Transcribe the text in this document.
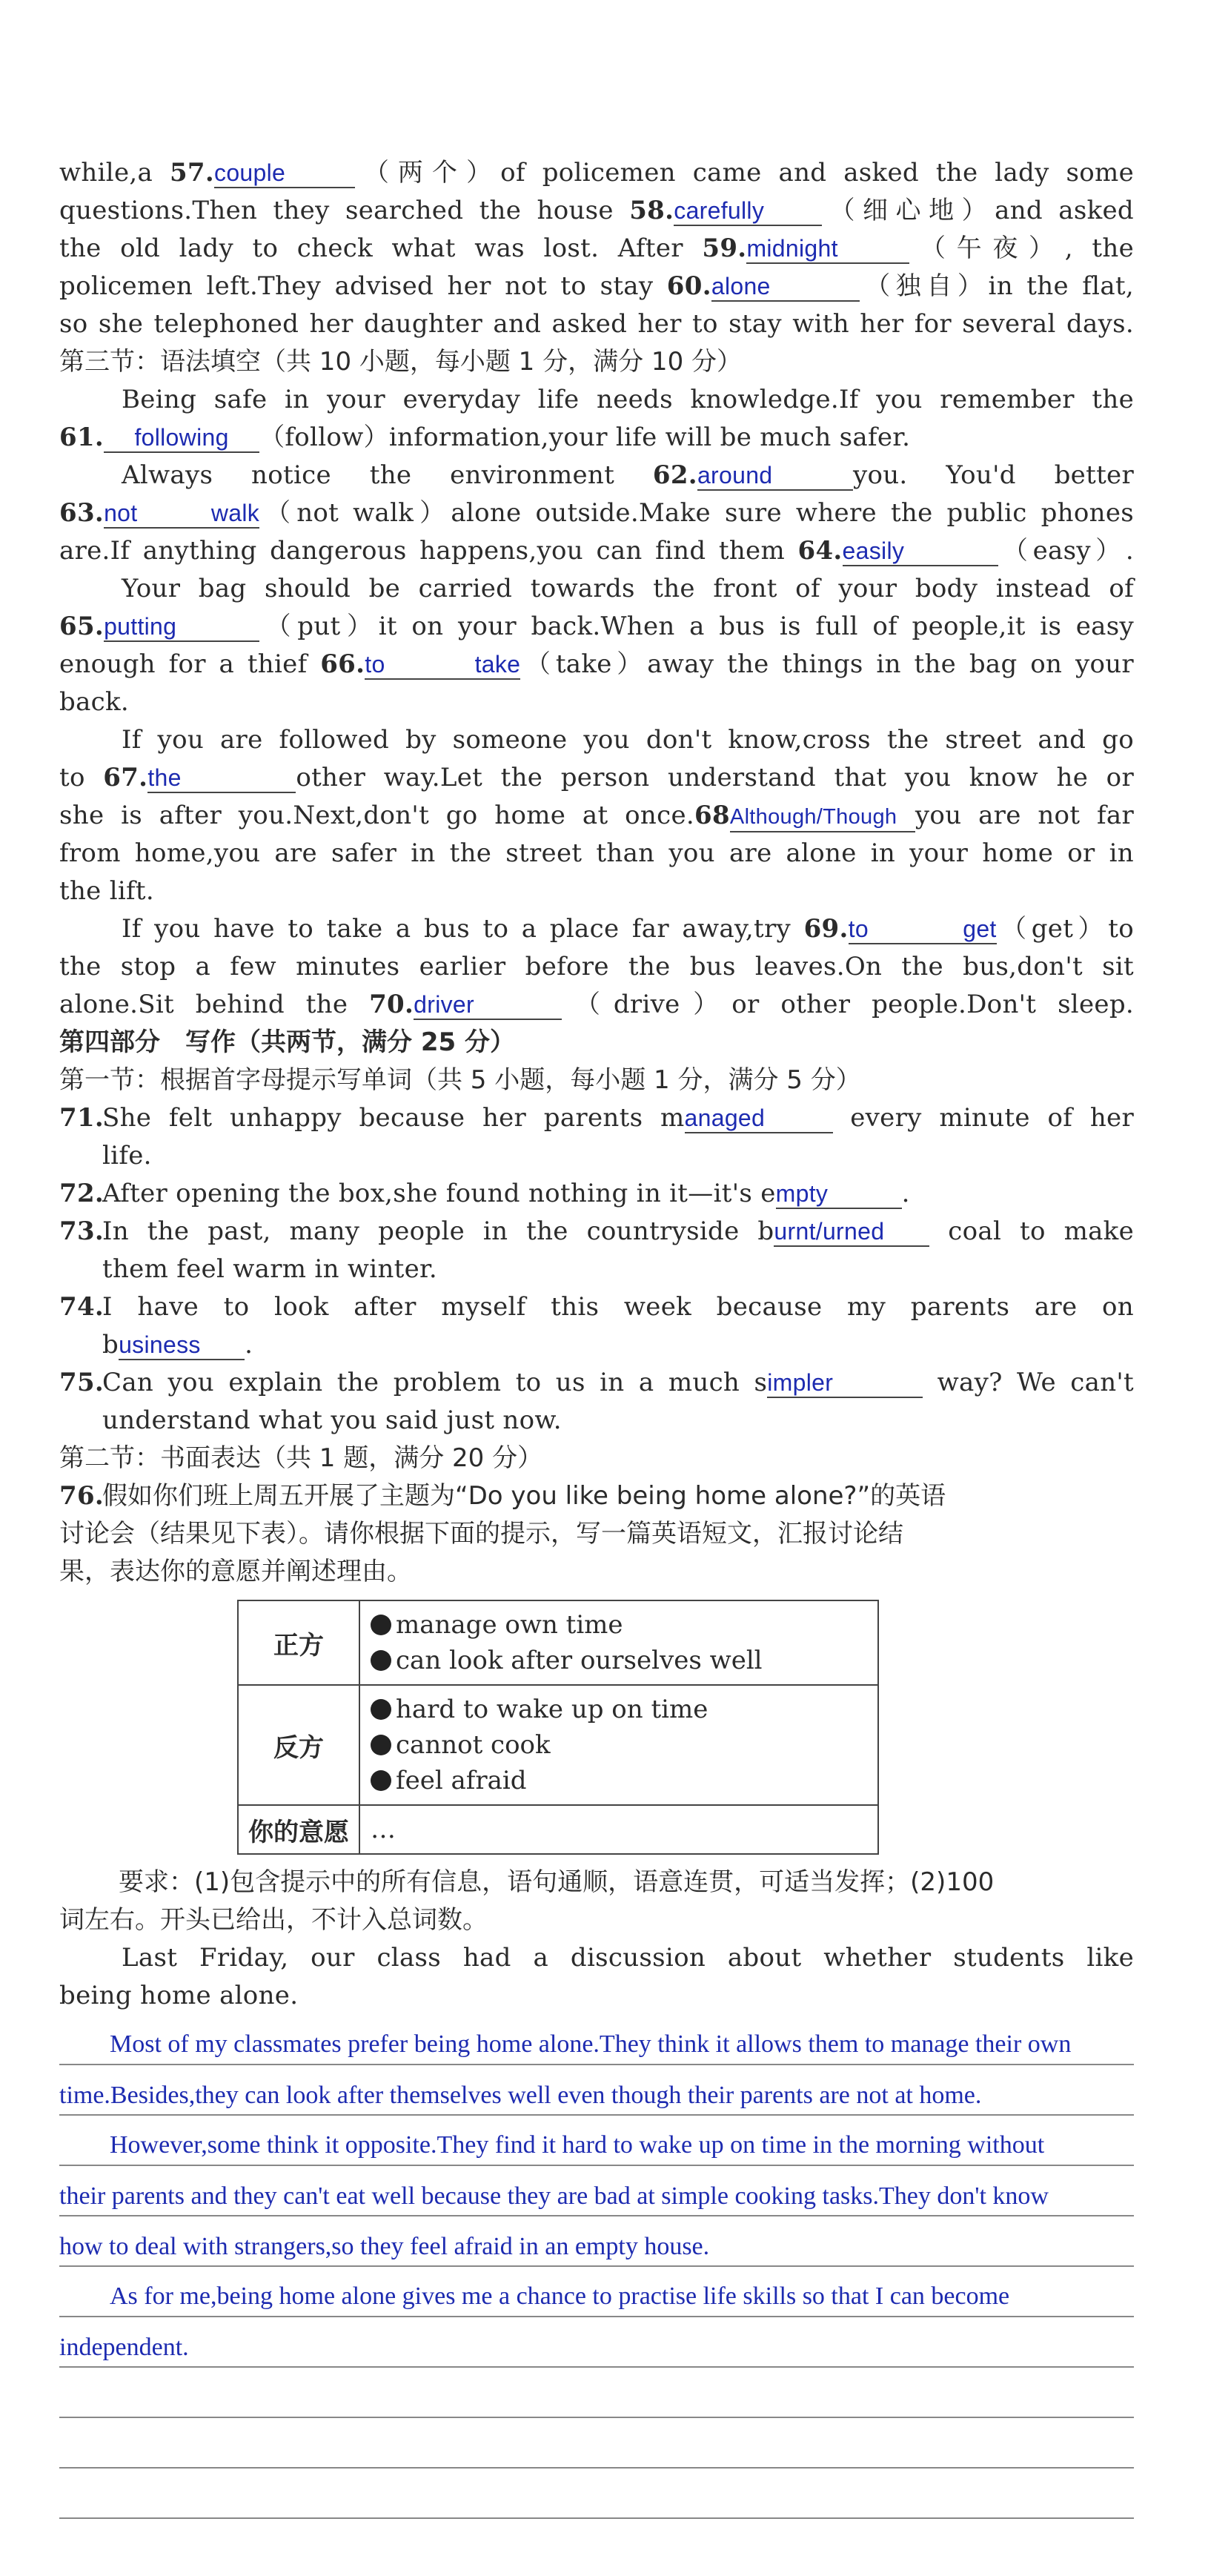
while,a 57.couple	（两个）of policemen came and asked the lady some
questions.Then they searched the house 58.carefully （细心地）and asked
the old lady to check what was lost. After 59.midnight	（午夜）, the
policemen left.They advised her not to stay 60.alone	（独自）in the flat,
so she telephoned her daughter and asked her to stay with her for several days.
第三节：语法填空（共 10 小题，每小题 1 分，满分 10 分）
Being safe in your everyday life needs knowledge.If you remember the
61. following （follow）information,your life will be much safer.
Always notice the environment 62.around	you. You'd better
63.not walk（not walk）alone outside.Make sure where the public phones
are.If anything dangerous happens,you can find them 64.easily	（easy）.
Your bag should be carried towards the front of your body instead of
65.putting	（put）it on your back.When a bus is full of people,it is easy
enough for a thief 66.to take（take）away the things in the bag on your
back.
If you are followed by someone you don't know,cross the street and go
to 67.the	other way.Let the person understand that you know he or
she is after you.Next,don't go home at once.68Although/Though you are not far
from home,you are safer in the street than you are alone in your home or in
the lift.
If you have to take a bus to a place far away,try 69.to get（get）to
the stop a few minutes earlier before the bus leaves.On the bus,don't sit
alone.Sit behind the 70.driver	（drive）or other people.Don't sleep.
第四部分　写作（共两节，满分 25 分）
第一节：根据首字母提示写单词（共 5 小题，每小题 1 分，满分 5 分）
71.
She felt unhappy because her parents managed	every minute of her
life.
72.
After opening the box,she found nothing in it—it's empty	.
73.
In the past, many people in the countryside burnt/urned	coal to make
them feel warm in winter.
74.
I have to look after myself this week because my parents are on
business .
75.
Can you explain the problem to us in a much simpler	way? We can't
understand what you said just now.
第二节：书面表达（共 1 题，满分 20 分）
76.
假如你们班上周五开展了主题为“Do you like being home alone?”的英语
讨论会（结果见下表）。请你根据下面的提示，写一篇英语短文，汇报讨论结
果，表达你的意愿并阐述理由。
正方	manage own time
can look after ourselves well

反方	hard to wake up on time
cannot cook
feel afraid

你的意愿	…
要求：(1)包含提示中的所有信息，语句通顺，语意连贯，可适当发挥；(2)100
词左右。开头已给出，不计入总词数。
Last Friday, our class had a discussion about whether students like
being home alone.
　　Most of my classmates prefer being home alone.They think it allows them to manage their own
time.Besides,they can look after themselves well even though their parents are not at home.
　　However,some think it opposite.They find it hard to wake up on time in the morning without
their parents and they can't eat well because they are bad at simple cooking tasks.They don't know
how to deal with strangers,so they feel afraid in an empty house.
　　As for me,being home alone gives me a chance to practise life skills so that I can become
independent.
